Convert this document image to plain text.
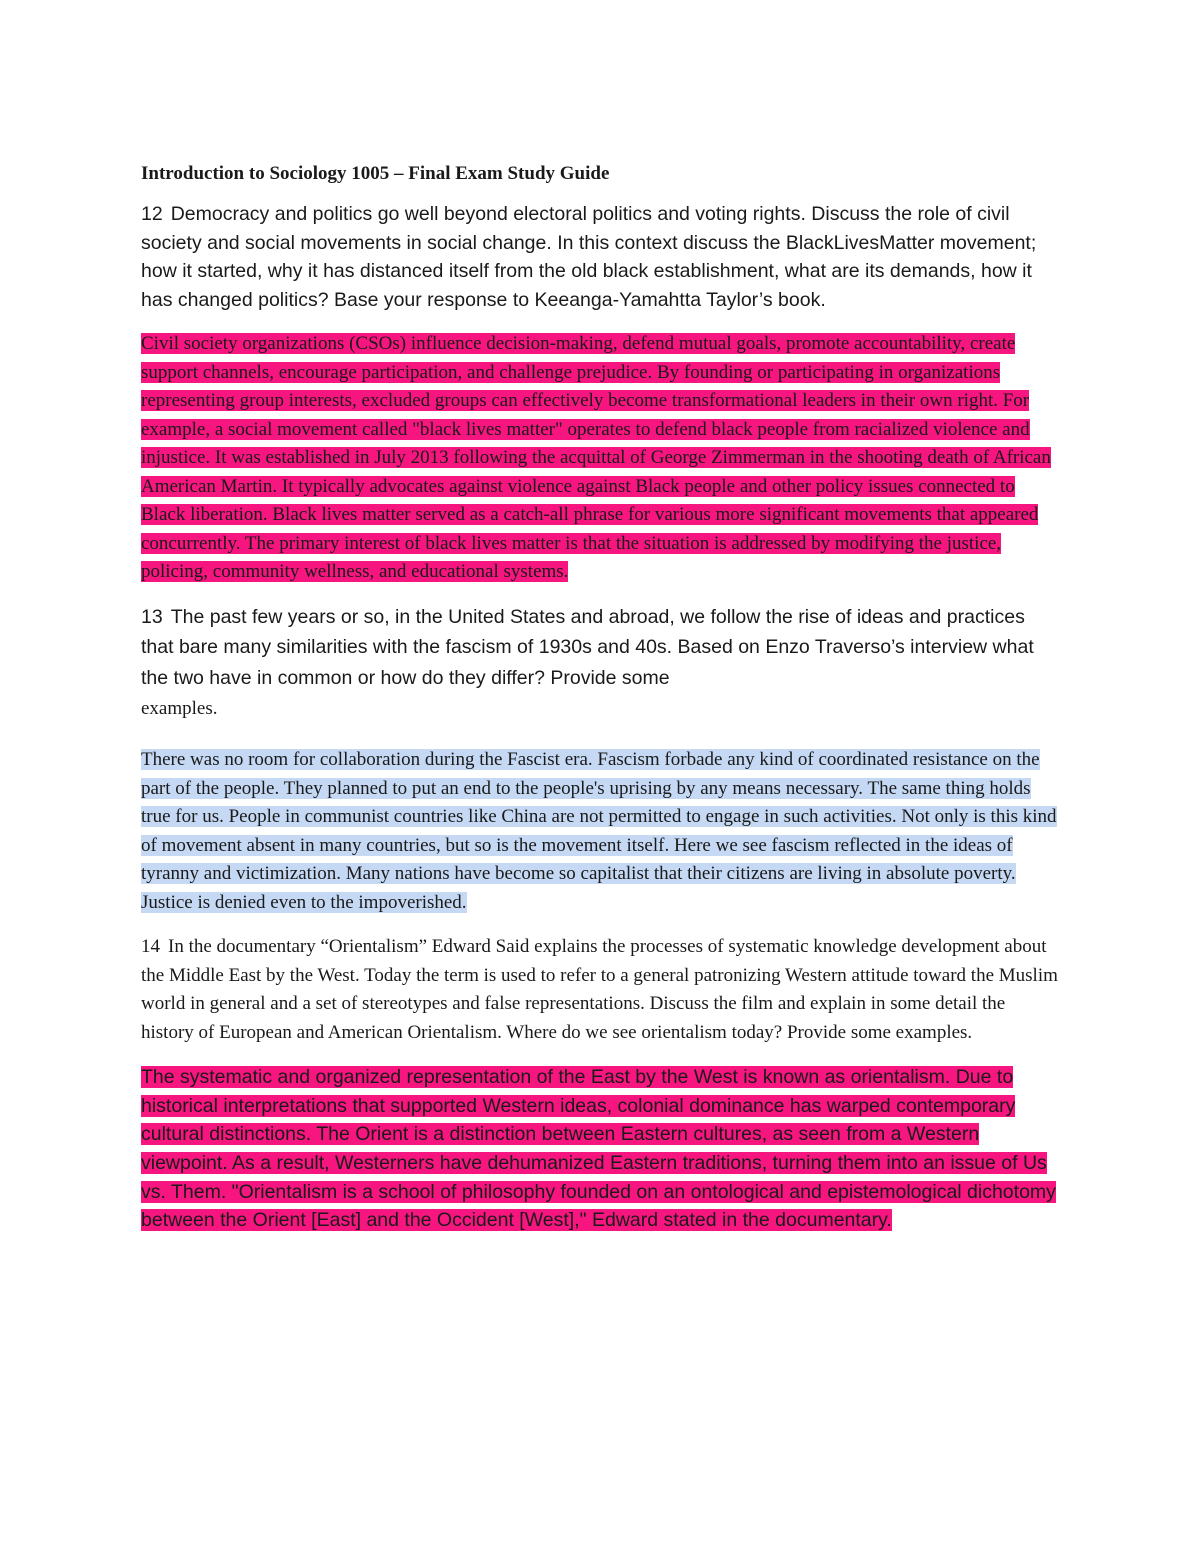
Introduction to Sociology 1005 – Final Exam Study Guide

12 Democracy and politics go well beyond electoral politics and voting rights. Discuss the role of civil society and social movements in social change. In this context discuss the BlackLivesMatter movement; how it started, why it has distanced itself from the old black establishment, what are its demands, how it has changed politics? Base your response to Keeanga-Yamahtta Taylor’s book.

Civil society organizations (CSOs) influence decision-making, defend mutual goals, promote accountability, create support channels, encourage participation, and challenge prejudice. By founding or participating in organizations representing group interests, excluded groups can effectively become transformational leaders in their own right. For example, a social movement called "black lives matter" operates to defend black people from racialized violence and injustice. It was established in July 2013 following the acquittal of George Zimmerman in the shooting death of African American Martin. It typically advocates against violence against Black people and other policy issues connected to Black liberation. Black lives matter served as a catch-all phrase for various more significant movements that appeared concurrently. The primary interest of black lives matter is that the situation is addressed by modifying the justice, policing, community wellness, and educational systems.

13 The past few years or so, in the United States and abroad, we follow the rise of ideas and practices that bare many similarities with the fascism of 1930s and 40s. Based on Enzo Traverso’s interview what the two have in common or how do they differ? Provide some
examples.

There was no room for collaboration during the Fascist era. Fascism forbade any kind of coordinated resistance on the part of the people. They planned to put an end to the people's uprising by any means necessary. The same thing holds true for us. People in communist countries like China are not permitted to engage in such activities. Not only is this kind of movement absent in many countries, but so is the movement itself. Here we see fascism reflected in the ideas of tyranny and victimization. Many nations have become so capitalist that their citizens are living in absolute poverty. Justice is denied even to the impoverished.

14 In the documentary “Orientalism” Edward Said explains the processes of systematic knowledge development about the Middle East by the West. Today the term is used to refer to a general patronizing Western attitude toward the Muslim world in general and a set of stereotypes and false representations. Discuss the film and explain in some detail the history of European and American Orientalism. Where do we see orientalism today? Provide some examples.

The systematic and organized representation of the East by the West is known as orientalism. Due to historical interpretations that supported Western ideas, colonial dominance has warped contemporary cultural distinctions. The Orient is a distinction between Eastern cultures, as seen from a Western viewpoint. As a result, Westerners have dehumanized Eastern traditions, turning them into an issue of Us vs. Them. "Orientalism is a school of philosophy founded on an ontological and epistemological dichotomy between the Orient [East] and the Occident [West]," Edward stated in the documentary.
